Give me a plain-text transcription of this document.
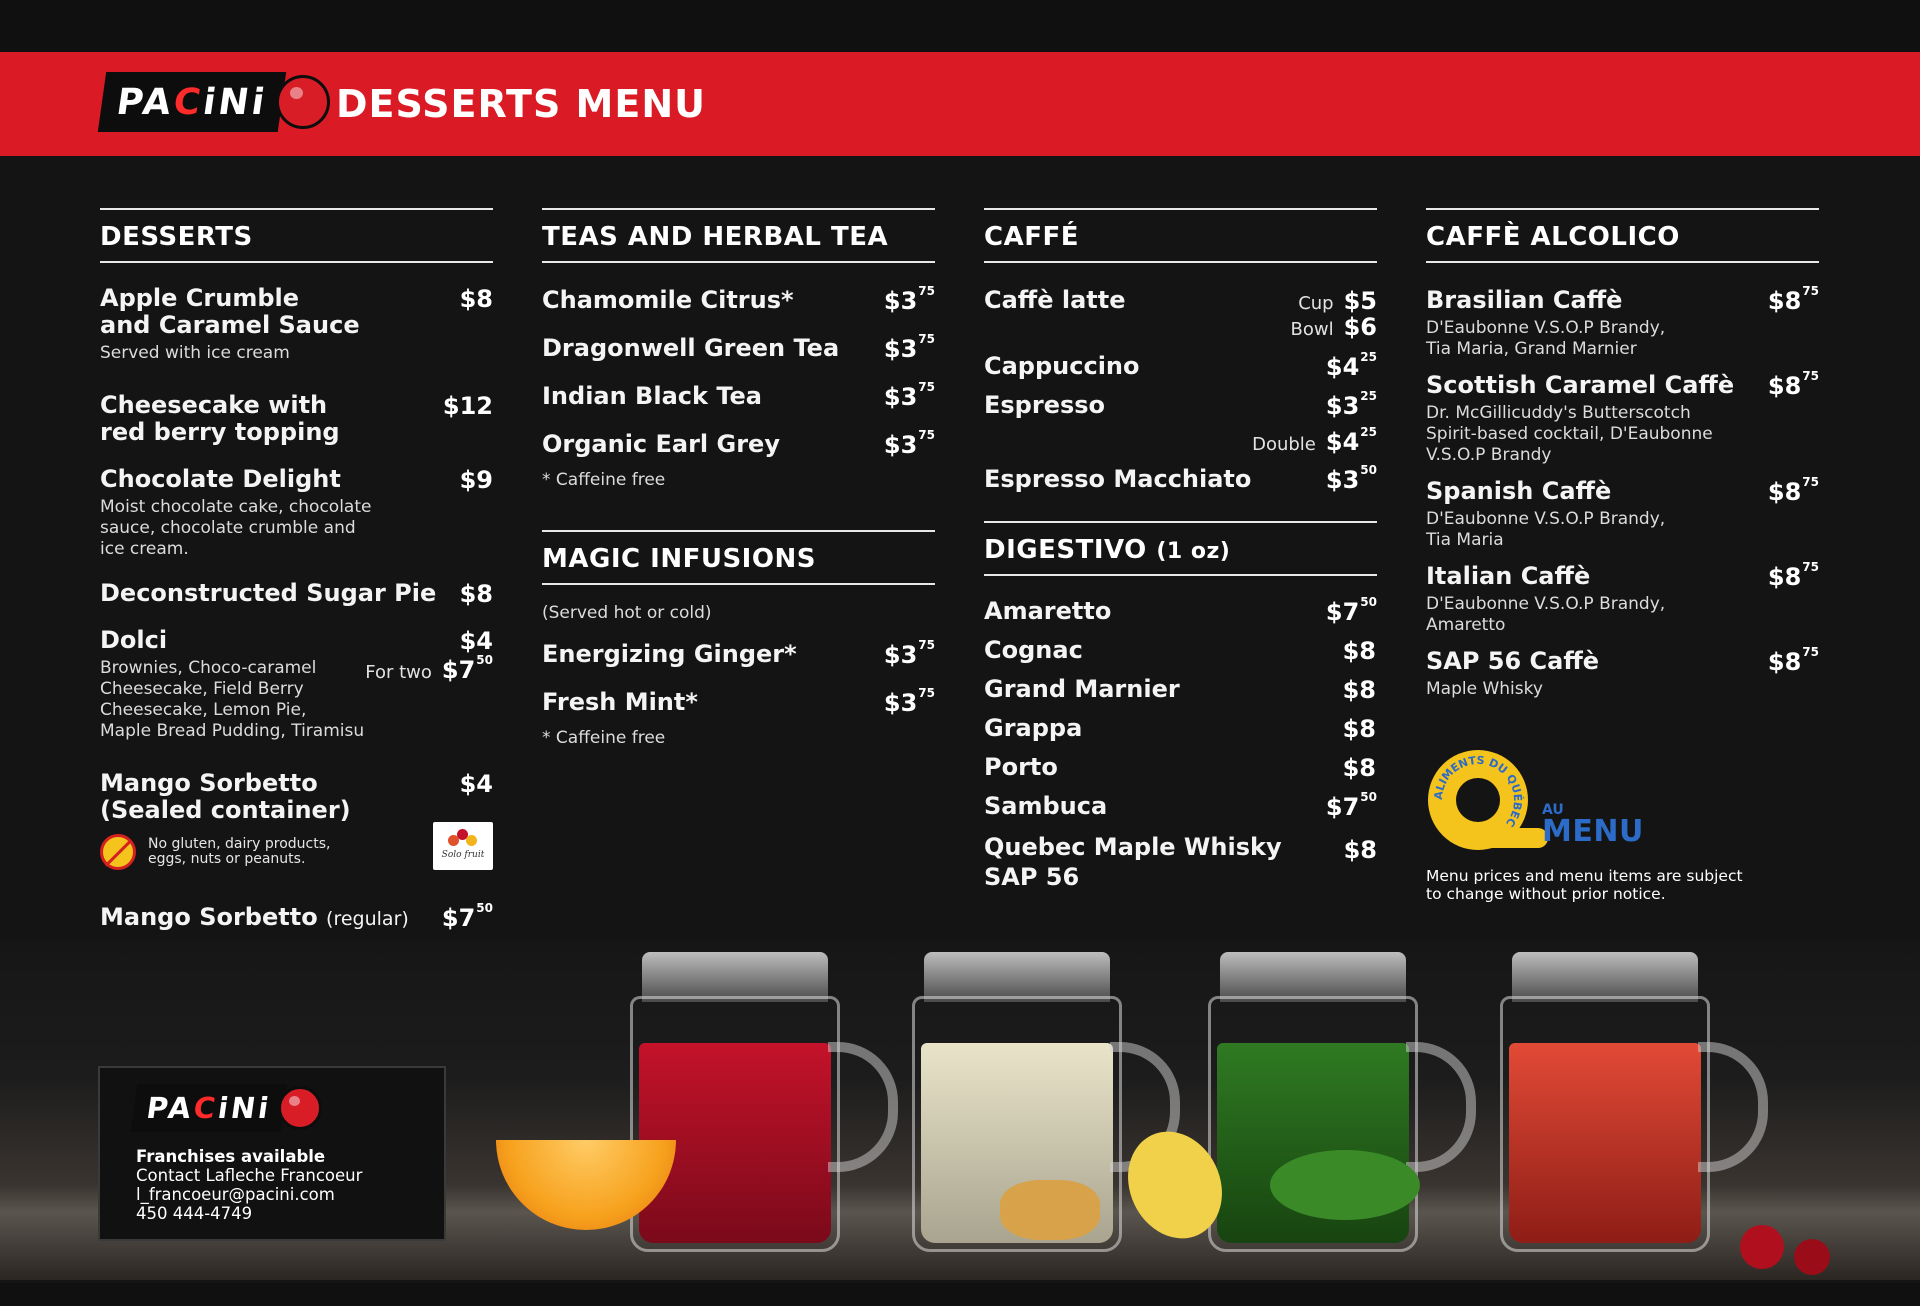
PA
C
iNi DESSERTS MENU
DESSERTS
Apple Crumble
and Caramel Sauce
$8
Served with ice cream
Cheesecake with
red berry topping
$12
Chocolate Delight	$9
Moist chocolate cake, chocolate
sauce, chocolate crumble and
ice cream.
Deconstructed Sugar Pie $8
Dolci	$4
For two $\$7^{50}$
Brownies, Choco-caramel
Cheesecake, Field Berry
Cheesecake, Lemon Pie,
Maple Bread Pudding, Tiramisu
Mango Sorbetto
(Sealed container)
$4
No gluten, dairy products,
eggs, nuts or peanuts.	Solo fruit
Mango Sorbetto (regular)	$\$7^{50}$
TEAS AND HERBAL TEA
Chamomile Citrus*	$\$3^{75}$
Dragonwell Green Tea	$\$3^{75}$
Indian Black Tea	$\$3^{75}$
Organic Earl Grey	$\$3^{75}$
* Caffeine free
MAGIC INFUSIONS
(Served hot or cold)
Energizing Ginger*	$\$3^{75}$
Fresh Mint*	$\$3^{75}$
* Caffeine free
CAFFÉ
Caffè latte	Cup $5
Bowl $6
Cappuccino	$\$4^{25}$
Espresso	$\$3^{25}$
Double $\$4^{25}$
Espresso Macchiato	$\$3^{50}$
DIGESTIVO (1 oz)
Amaretto	$\$7^{50}$
Cognac	$8
Grand Marnier	$8
Grappa	$8
Porto	$8
Sambuca	$\$7^{50}$
Quebec Maple Whisky
SAP 56
$8
CAFFÈ ALCOLICO
Brasilian Caffè	$\$8^{75}$
D'Eaubonne V.S.O.P Brandy,
Tia Maria, Grand Marnier
Scottish Caramel Caffè	$\$8^{75}$
Dr. McGillicuddy's Butterscotch
Spirit-based cocktail, D'Eaubonne
V.S.O.P Brandy
Spanish Caffè	$\$8^{75}$
D'Eaubonne V.S.O.P Brandy,
Tia Maria
Italian Caffè	$\$8^{75}$
D'Eaubonne V.S.O.P Brandy,
Amaretto
SAP 56 Caffè	$\$8^{75}$
Maple Whisky
ALIMENTS DU QUÉBEC
AU
MENU
Menu prices and menu items are subject
to change without prior notice.
PA
C
iNi
Franchises available
Contact Lafleche Francoeur
l_francoeur@pacini.com
450 444-4749
